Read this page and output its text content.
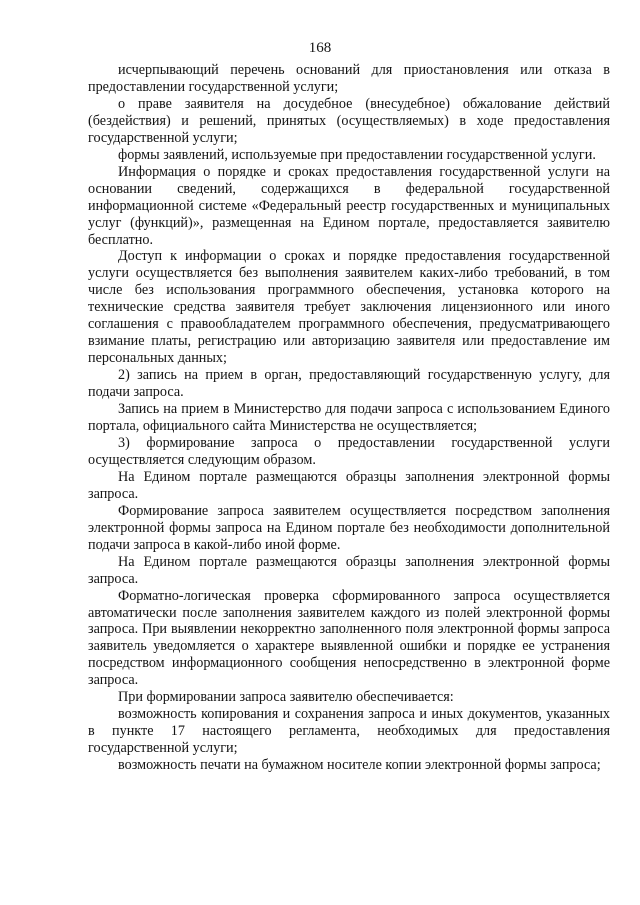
168

исчерпывающий перечень оснований для приостановления или отказа в предоставлении государственной услуги;

о праве заявителя на досудебное (внесудебное) обжалование действий (бездействия) и решений, принятых (осуществляемых) в ходе предоставления государственной услуги;

формы заявлений, используемые при предоставлении государственной услуги.

Информация о порядке и сроках предоставления государственной услуги на основании сведений, содержащихся в федеральной государственной информационной системе «Федеральный реестр государственных и муниципальных услуг (функций)», размещенная на Едином портале, предоставляется заявителю бесплатно.

Доступ к информации о сроках и порядке предоставления государственной услуги осуществляется без выполнения заявителем каких-либо требований, в том числе без использования программного обеспечения, установка которого на технические средства заявителя требует заключения лицензионного или иного соглашения с правообладателем программного обеспечения, предусматривающего взимание платы, регистрацию или авторизацию заявителя или предоставление им персональных данных;

2) запись на прием в орган, предоставляющий государственную услугу, для подачи запроса.

Запись на прием в Министерство для подачи запроса с использованием Единого портала, официального сайта Министерства не осуществляется;

3) формирование запроса о предоставлении государственной услуги осуществляется следующим образом.

На Едином портале размещаются образцы заполнения электронной формы запроса.

Формирование запроса заявителем осуществляется посредством заполнения электронной формы запроса на Едином портале без необходимости дополнительной подачи запроса в какой-либо иной форме.

На Едином портале размещаются образцы заполнения электронной формы запроса.

Форматно-логическая проверка сформированного запроса осуществляется автоматически после заполнения заявителем каждого из полей электронной формы запроса. При выявлении некорректно заполненного поля электронной формы запроса заявитель уведомляется о характере выявленной ошибки и порядке ее устранения посредством информационного сообщения непосредственно в электронной форме запроса.

При формировании запроса заявителю обеспечивается:

возможность копирования и сохранения запроса и иных документов, указанных в пункте 17 настоящего регламента, необходимых для предоставления государственной услуги;

возможность печати на бумажном носителе копии электронной формы запроса;
